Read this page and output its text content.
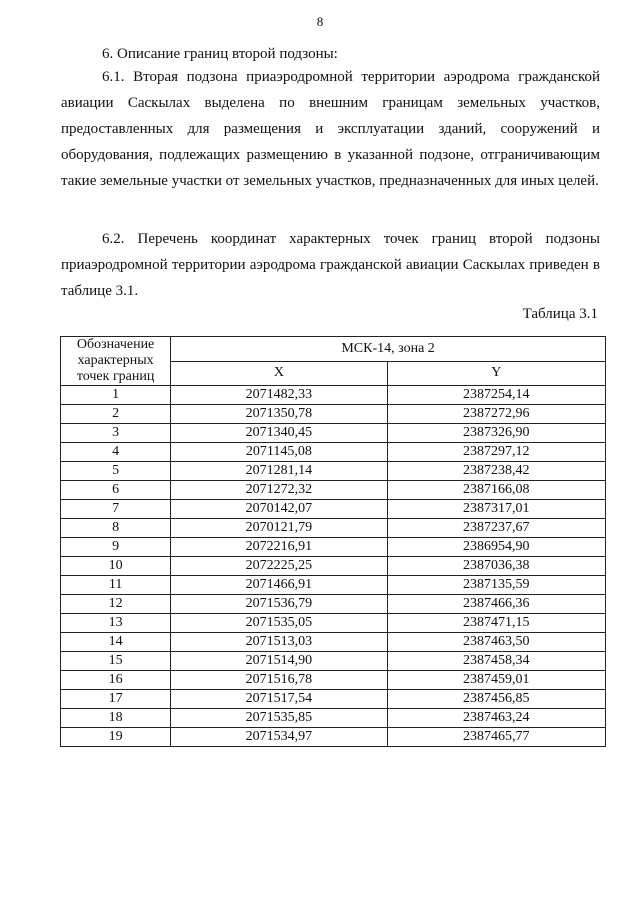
8
6. Описание границ второй подзоны:

6.1. Вторая подзона приаэродромной территории аэродрома гражданской авиации Саскылах выделена по внешним границам земельных участков, предоставленных для размещения и эксплуатации зданий, сооружений и оборудования, подлежащих размещению в указанной подзоне, отграничивающим такие земельные участки от земельных участков, предназначенных для иных целей.

6.2. Перечень координат характерных точек границ второй подзоны приаэродромной территории аэродрома гражданской авиации Саскылах приведен в таблице 3.1.

Таблица 3.1
Обозначение характерных точек границ	МСК-14, зона 2	
	X	Y
1	2071482,33	2387254,14
2	2071350,78	2387272,96
3	2071340,45	2387326,90
4	2071145,08	2387297,12
5	2071281,14	2387238,42
6	2071272,32	2387166,08
7	2070142,07	2387317,01
8	2070121,79	2387237,67
9	2072216,91	2386954,90
10	2072225,25	2387036,38
11	2071466,91	2387135,59
12	2071536,79	2387466,36
13	2071535,05	2387471,15
14	2071513,03	2387463,50
15	2071514,90	2387458,34
16	2071516,78	2387459,01
17	2071517,54	2387456,85
18	2071535,85	2387463,24
19	2071534,97	2387465,77
